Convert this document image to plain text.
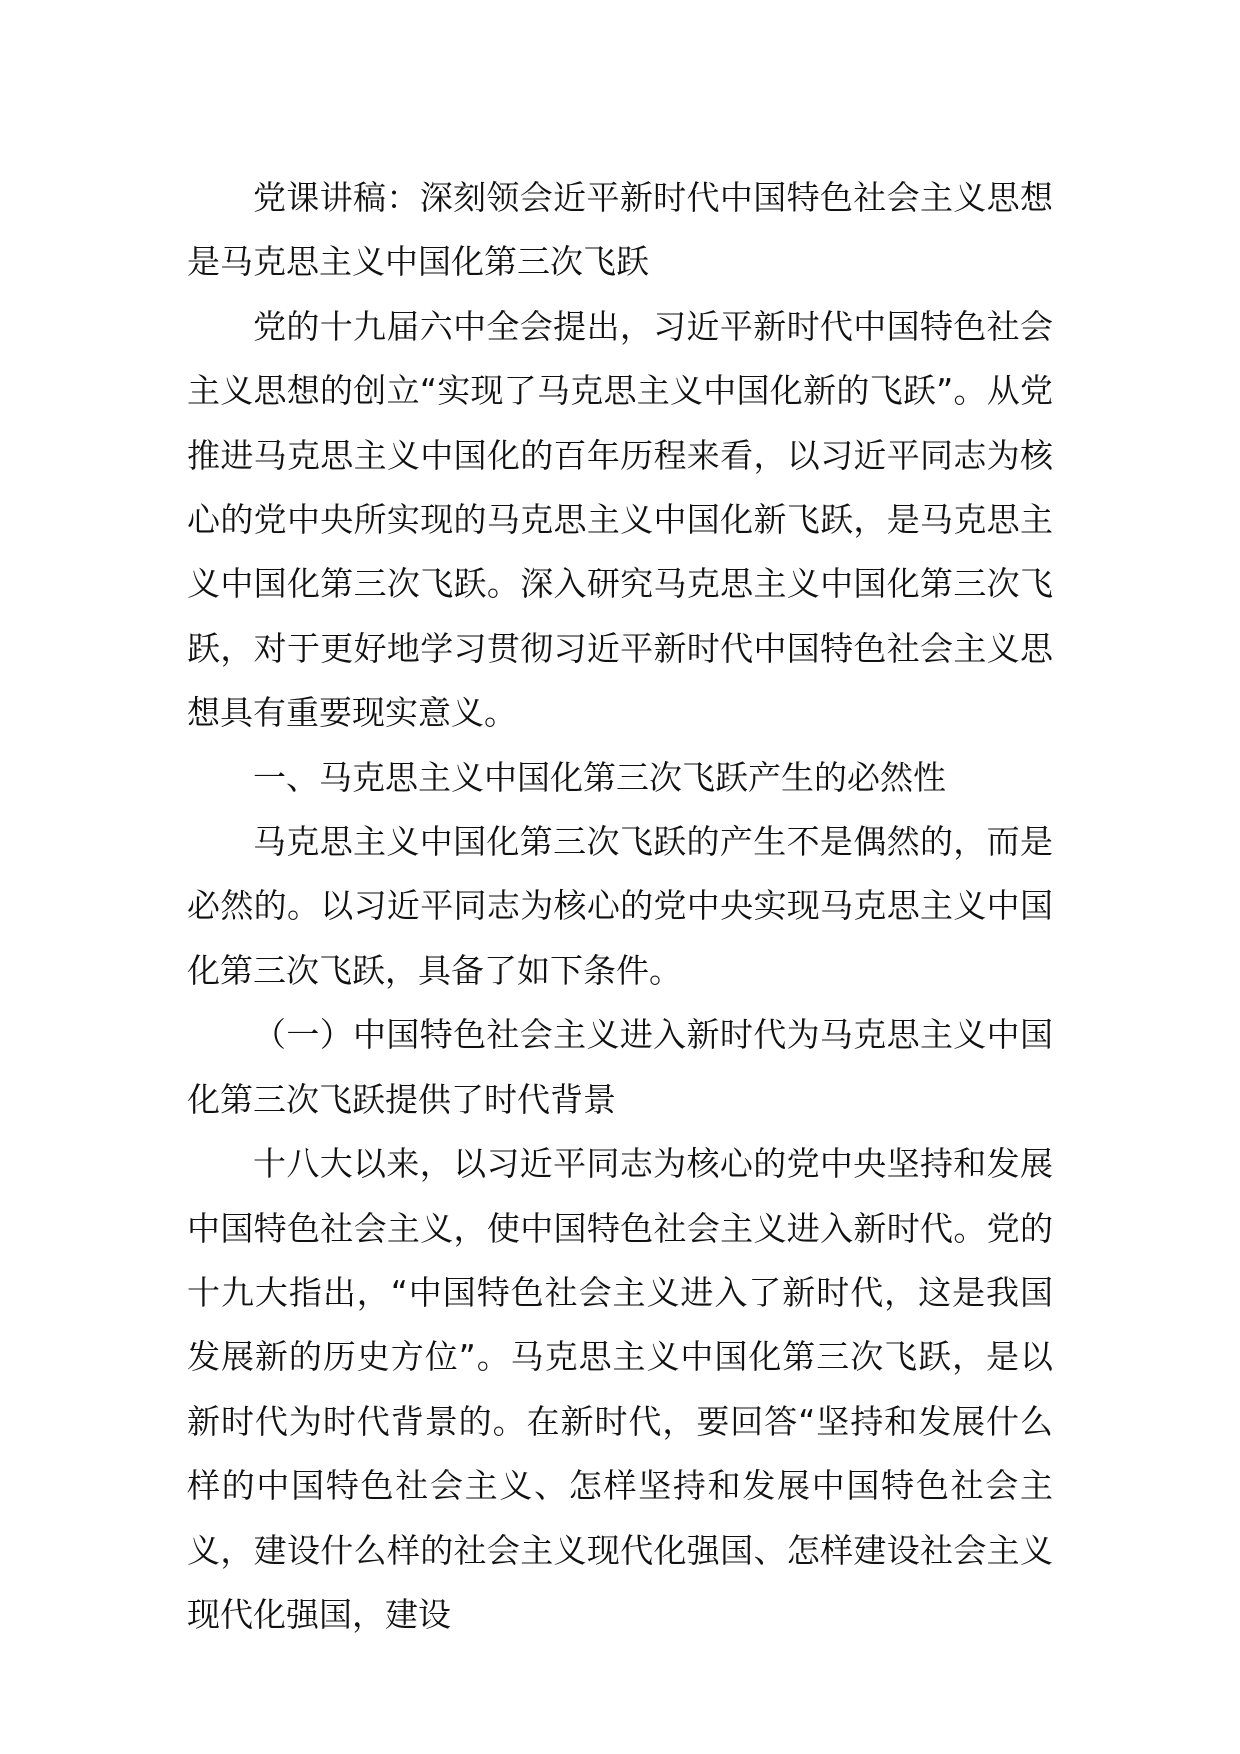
党课讲稿：深刻领会近平新时代中国特色社会主义思想是马克思主义中国化第三次飞跃

党的十九届六中全会提出，习近平新时代中国特色社会主义思想的创立“实现了马克思主义中国化新的飞跃”。从党推进马克思主义中国化的百年历程来看，以习近平同志为核心的党中央所实现的马克思主义中国化新飞跃，是马克思主义中国化第三次飞跃。深入研究马克思主义中国化第三次飞跃，对于更好地学习贯彻习近平新时代中国特色社会主义思想具有重要现实意义。

一、马克思主义中国化第三次飞跃产生的必然性

马克思主义中国化第三次飞跃的产生不是偶然的，而是必然的。以习近平同志为核心的党中央实现马克思主义中国化第三次飞跃，具备了如下条件。

（一）中国特色社会主义进入新时代为马克思主义中国化第三次飞跃提供了时代背景

十八大以来，以习近平同志为核心的党中央坚持和发展中国特色社会主义，使中国特色社会主义进入新时代。党的十九大指出，“中国特色社会主义进入了新时代，这是我国发展新的历史方位”。马克思主义中国化第三次飞跃，是以新时代为时代背景的。在新时代，要回答“坚持和发展什么样的中国特色社会主义、怎样坚持和发展中国特色社会主义，建设什么样的社会主义现代化强国、怎样建设社会主义现代化强国，建设
